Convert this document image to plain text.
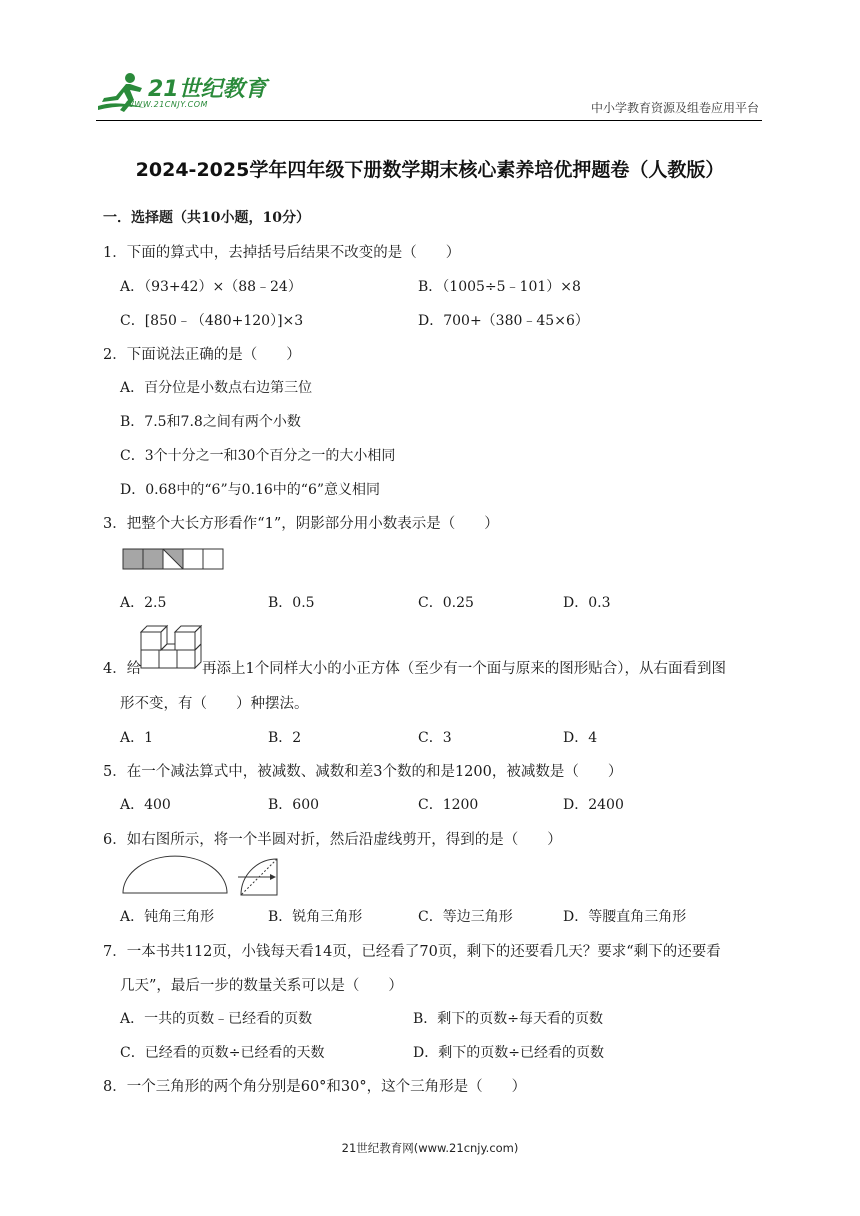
21世纪教育
WWW.21CNJY.COM	中小学教育资源及组卷应用平台
2024-2025学年四年级下册数学期末核心素养培优押题卷（人教版）
一．选择题（共10小题，10分）
1．下面的算式中，去掉括号后结果不改变的是（　　）
A．（93+42）×（88﹣24）	B．（1005÷5﹣101）×8
C．[850﹣（480+120）]×3	D．700+（380﹣45×6）
2．下面说法正确的是（　　）
A．百分位是小数点右边第三位
B．7.5和7.8之间有两个小数
C．3个十分之一和30个百分之一的大小相同
D．0.68中的“6”与0.16中的“6”意义相同
3．把整个大长方形看作“1”，阴影部分用小数表示是（　　）
A．2.5	B．0.5	C．0.25	D．0.3
4．给	再添上1个同样大小的小正方体（至少有一个面与原来的图形贴合），从右面看到图
形不变，有（　　）种摆法。
A．1	B．2	C．3	D．4
5．在一个减法算式中，被减数、减数和差3个数的和是1200，被减数是（　　）
A．400	B．600	C．1200	D．2400
6．如右图所示，将一个半圆对折，然后沿虚线剪开，得到的是（　　）
A．钝角三角形	B．锐角三角形	C．等边三角形	D．等腰直角三角形
7．一本书共112页，小钱每天看14页，已经看了70页，剩下的还要看几天？要求“剩下的还要看
几天”，最后一步的数量关系可以是（　　）
A．一共的页数﹣已经看的页数	B．剩下的页数÷每天看的页数
C．已经看的页数÷已经看的天数	D．剩下的页数÷已经看的页数
8．一个三角形的两个角分别是60°和30°，这个三角形是（　　）
21世纪教育网(www.21cnjy.com)
